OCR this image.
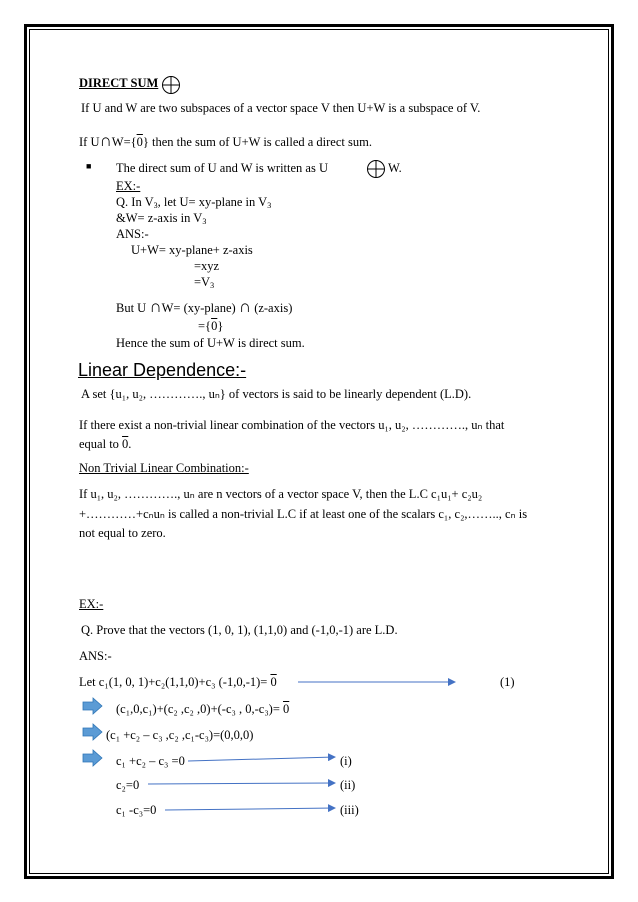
DIRECT SUM
If U and W are two subspaces of a vector space V then U+W is a subspace of V.
If U∩W={0} then the sum of U+W is called a direct sum.
■ The direct sum of U and W is written as U	W.
EX:-
Q. In $V_3$, let U= xy-plane in $V_3$
&W= z-axis in $V_3$
ANS:-
U+W= xy-plane+ z-axis
=xyz
$=V_3$
But U ∩W= (xy-plane) ∩ (z-axis)
={0}
Hence the sum of U+W is direct sum.
Linear Dependence:-
A set {u₁, u₂, …………., uₙ} of vectors is said to be linearly dependent (L.D).
If there exist a non-trivial linear combination of the vectors u₁, u₂, …………., uₙ that
equal to 0.
Non Trivial Linear Combination:-
If u₁, u₂, …………., uₙ are n vectors of a vector space V, then the L.C c₁u₁+ c₂u₂
+…………+cₙuₙ is called a non-trivial L.C if at least one of the scalars c₁, c₂,…….., cₙ is
not equal to zero.
EX:-
Q. Prove that the vectors (1, 0, 1), (1,1,0) and (-1,0,-1) are L.D.
ANS:-
Let c₁(1, 0, 1)+c₂(1,1,0)+c₃ (-1,0,-1)= 0	(1)
(c₁,0,c₁)+(c₂ ,c₂ ,0)+(-c₃ , 0,-c₃)= 0
(c₁ +c₂ – c₃ ,c₂ ,c₁-c₃)=(0,0,0)
c₁ +c₂ – c₃ =0	(i)
c₂=0	(ii)
c₁ -c₃=0	(iii)
